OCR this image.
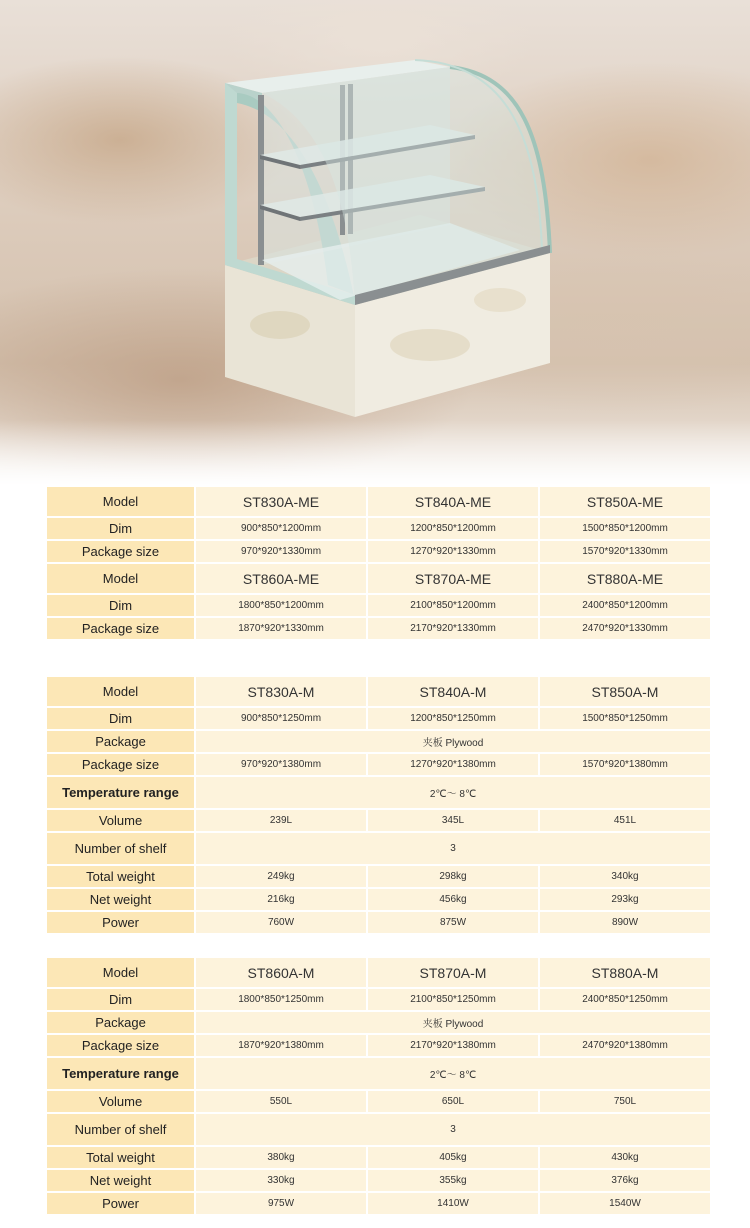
Model	ST830A-ME	ST840A-ME	ST850A-ME
Dim	900*850*1200mm	1200*850*1200mm	1500*850*1200mm
Package size	970*920*1330mm	1270*920*1330mm	1570*920*1330mm
Model	ST860A-ME	ST870A-ME	ST880A-ME
Dim	1800*850*1200mm	2100*850*1200mm	2400*850*1200mm
Package size	1870*920*1330mm	2170*920*1330mm	2470*920*1330mm
Model	ST830A-M	ST840A-M	ST850A-M
Dim	900*850*1250mm	1200*850*1250mm	1500*850*1250mm
Package	夹板 Plywood
Package size	970*920*1380mm	1270*920*1380mm	1570*920*1380mm
Temperature range	2℃～ 8℃
Volume	239L	345L	451L
Number of shelf	3
Total weight	249kg	298kg	340kg
Net weight	216kg	456kg	293kg
Power	760W	875W	890W
Model	ST860A-M	ST870A-M	ST880A-M
Dim	1800*850*1250mm	2100*850*1250mm	2400*850*1250mm
Package	夹板 Plywood
Package size	1870*920*1380mm	2170*920*1380mm	2470*920*1380mm
Temperature range	2℃～ 8℃
Volume	550L	650L	750L
Number of shelf	3
Total weight	380kg	405kg	430kg
Net weight	330kg	355kg	376kg
Power	975W	1410W	1540W
